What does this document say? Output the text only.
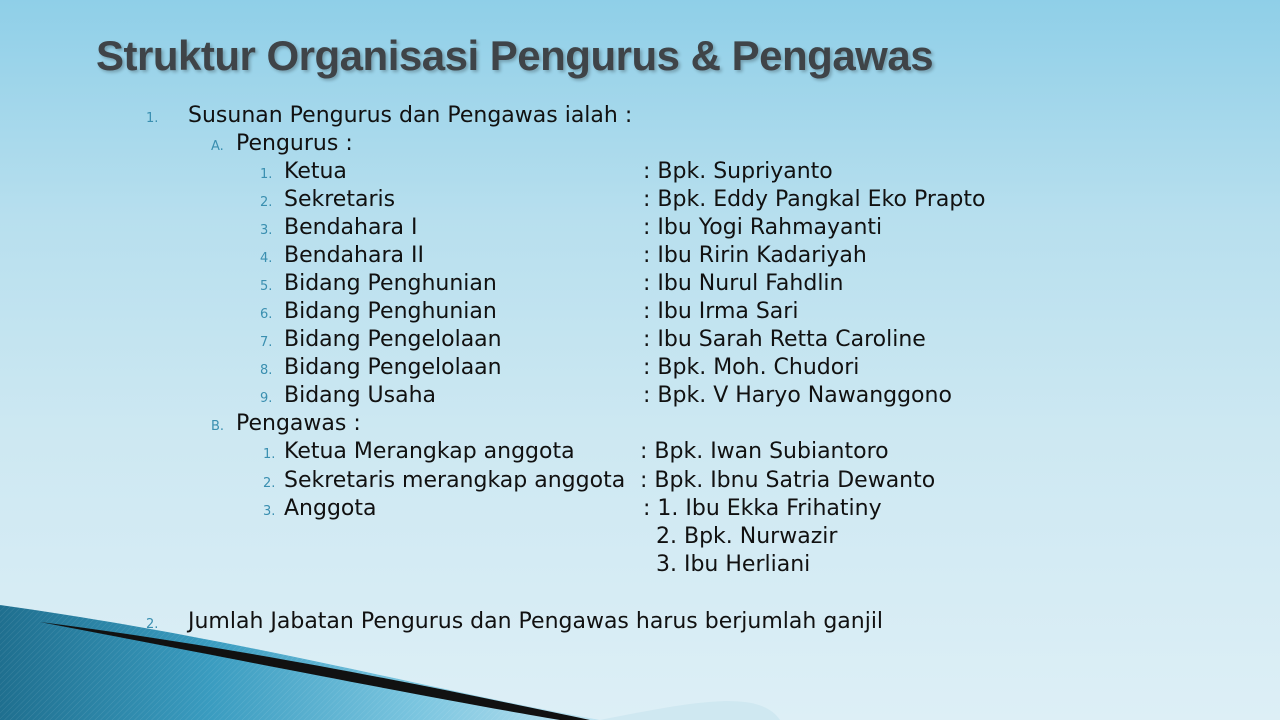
Struktur Organisasi Pengurus & Pengawas
1. Susunan Pengurus dan Pengawas ialah :
A. Pengurus :
1. Ketua	: Bpk. Supriyanto
2. Sekretaris	: Bpk. Eddy Pangkal Eko Prapto
3. Bendahara I	: Ibu Yogi Rahmayanti
4. Bendahara II	: Ibu Ririn Kadariyah
5. Bidang Penghunian	: Ibu Nurul Fahdlin
6. Bidang Penghunian	: Ibu Irma Sari
7. Bidang Pengelolaan	: Ibu Sarah Retta Caroline
8. Bidang Pengelolaan	: Bpk. Moh. Chudori
9. Bidang Usaha	: Bpk. V Haryo Nawanggono
B. Pengawas :
1. Ketua Merangkap anggota	: Bpk. Iwan Subiantoro
2. Sekretaris merangkap anggota : Bpk. Ibnu Satria Dewanto
3. Anggota	: 1. Ibu Ekka Frihatiny
2. Bpk. Nurwazir
3. Ibu Herliani
2. Jumlah Jabatan Pengurus dan Pengawas harus berjumlah ganjil
